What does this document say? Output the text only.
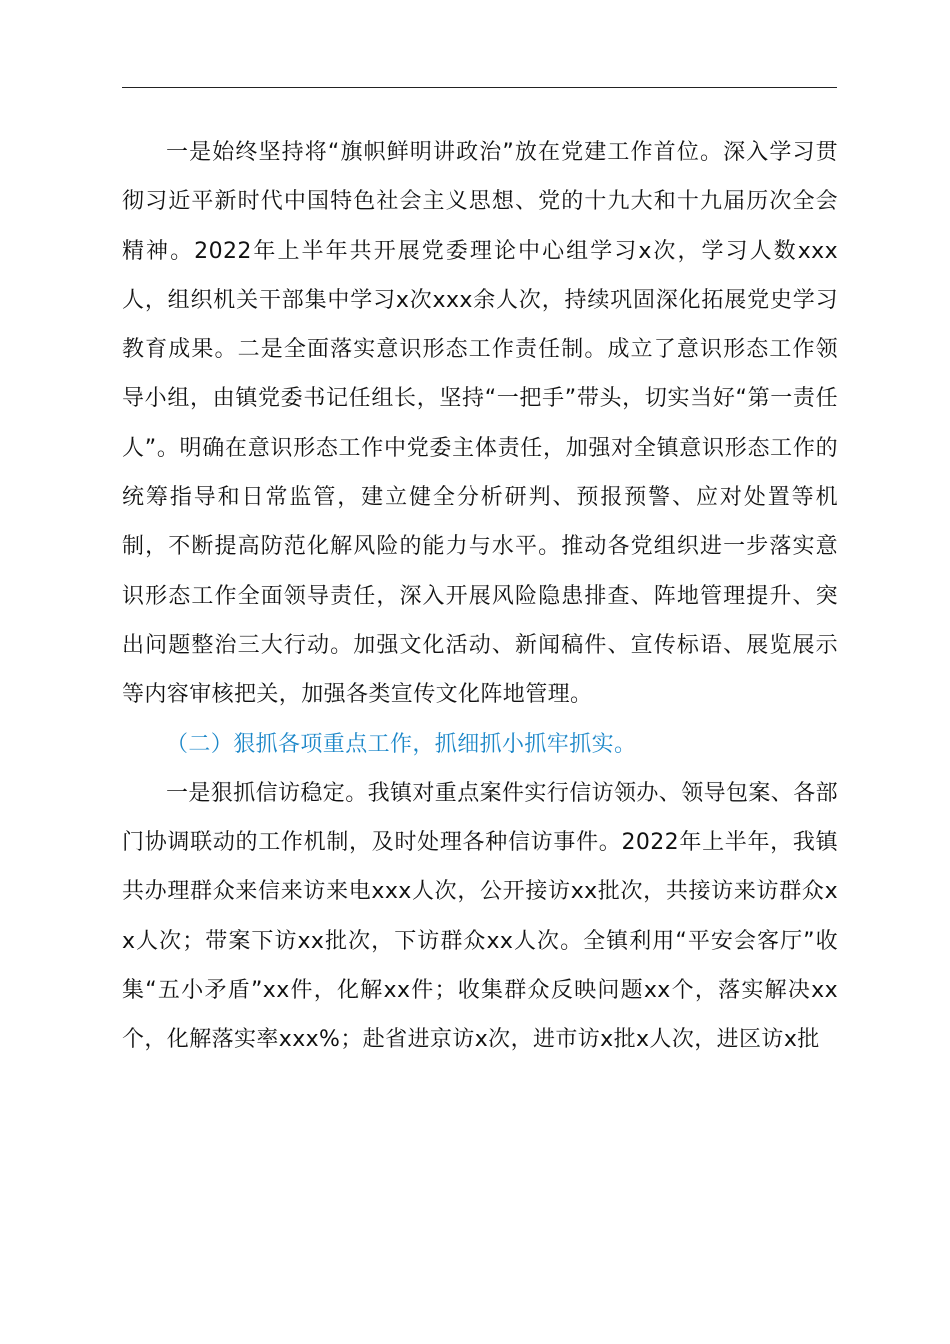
一是始终坚持将“旗帜鲜明讲政治”放在党建工作首位。深入学习贯彻习近平新时代中国特色社会主义思想、党的十九大和十九届历次全会精神。2022年上半年共开展党委理论中心组学习x次，学习人数xxx人，组织机关干部集中学习x次xxx余人次，持续巩固深化拓展党史学习教育成果。二是全面落实意识形态工作责任制。成立了意识形态工作领导小组，由镇党委书记任组长，坚持“一把手”带头，切实当好“第一责任人”。明确在意识形态工作中党委主体责任，加强对全镇意识形态工作的统筹指导和日常监管，建立健全分析研判、预报预警、应对处置等机制，不断提高防范化解风险的能力与水平。推动各党组织进一步落实意识形态工作全面领导责任，深入开展风险隐患排查、阵地管理提升、突出问题整治三大行动。加强文化活动、新闻稿件、宣传标语、展览展示等内容审核把关，加强各类宣传文化阵地管理。

（二）狠抓各项重点工作，抓细抓小抓牢抓实。

一是狠抓信访稳定。我镇对重点案件实行信访领办、领导包案、各部门协调联动的工作机制，及时处理各种信访事件。2022年上半年，我镇共办理群众来信来访来电xxx人次，公开接访xx批次，共接访来访群众xx人次；带案下访xx批次，下访群众xx人次。全镇利用“平安会客厅”收集“五小矛盾”xx件，化解xx件；收集群众反映问题xx个，落实解决xx个，化解落实率xxx%；赴省进京访x次，进市访x批x人次，进区访x批
